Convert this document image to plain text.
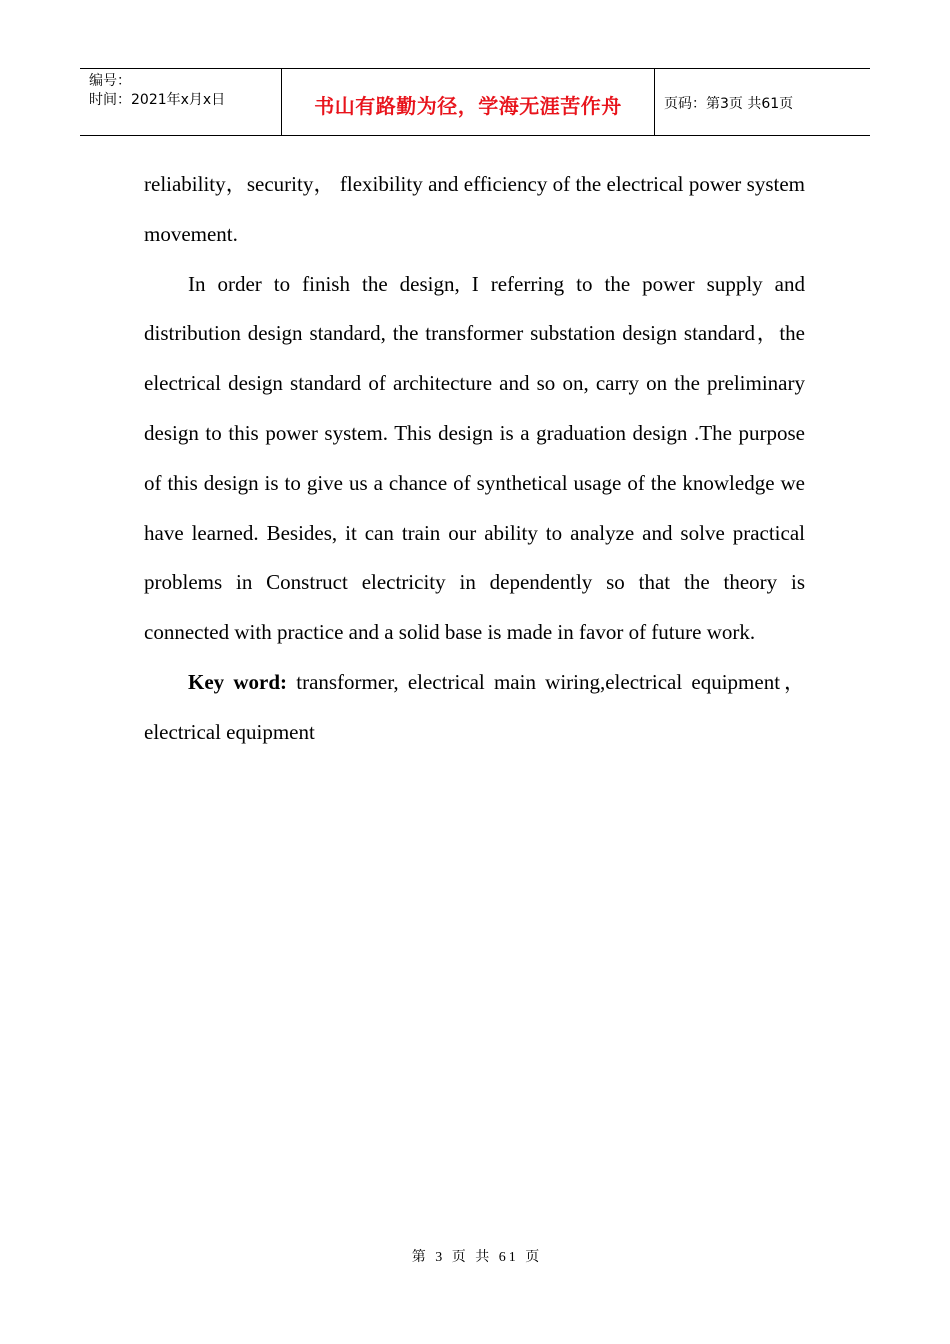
编号：
时间：2021年x月x日	书山有路勤为径，学海无涯苦作舟	页码：第3页 共61页

reliability，security， flexibility and efficiency of the electrical power system movement.

In order to finish the design, I referring to the power supply and distribution design standard, the transformer substation design standard，the electrical design standard of architecture and so on, carry on the preliminary design to this power system. This design is a graduation design .The purpose of this design is to give us a chance of synthetical usage of the knowledge we have learned. Besides, it can train our ability to analyze and solve practical problems in Construct electricity in dependently so that the theory is connected with practice and a solid base is made in favor of future work.

Key word: transformer, electrical main wiring,electrical equipment，electrical equipment

第 3 页 共 61 页
